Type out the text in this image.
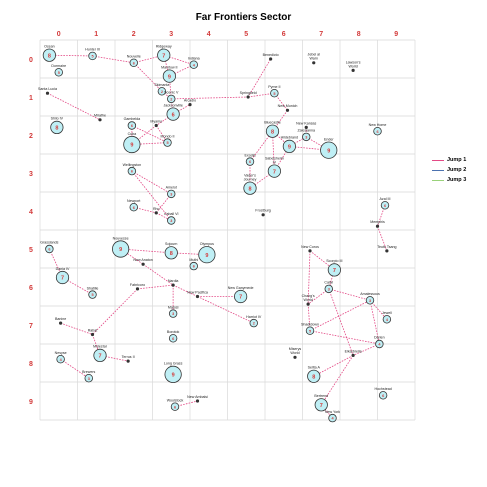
Far Frontiers Sector
0	1	2	3	4	5	6	7	8	9
0
1
2
3
4
5
6
7
8
9
8
Ocean
5
Dormaire
Santa Lucia
5
Hunter III
Mirathe
8
Shilo IV
6
Nouvelle	7
Ridgeway
4
Indiana
9
Manitow II
2
Skimanta
2
Scenic V
6
Jacksonville
Arcadio
6
Gambelda
Myamo
9
Cuba
5
Mondo II
Benedicto
Springfield	5
Pyme II
New Munich
Jebel al
Warn
Lawson's
World
8
Bluecastle	New Kansas
3
Zalesianna
9
Hildebrand
9
Ender
6
New Home
6
Exodia
7
Sabelsheim
IV
8
Vader's
Journey
6
Wellingston
3
Amelot
6
Newport
Rho
3
Caball VI
Frostburg
6
Azal III
Memphis
Teute Tsang
6
Grasslands
7
Dania IV
5
Shatille
9
Nouvesse
New Anaton
8
Sojourn
9
Olympus
6
Muthi
Fabricoro
Nardia
New Pacifica
7
New Ganymede
2
Harriot IV
3
Matosi
6
Borotok
Banine
Rabat
7
Molestar
4
Nesyse
3
Brewers
Terrus II
9
Long Grass
6
Woolstock
New Ambalsi
New Coros
7
Scorpio III
3
Calivi
Chang's
World	3
Amalessous
4
Jewell
5
Shadtdown
4
Darien
Elkarbrella
Miserys
World
8
Sellta A
7
Bertrend
4
New York
6
Hochstead
Jump 1
Jump 2
Jump 3
